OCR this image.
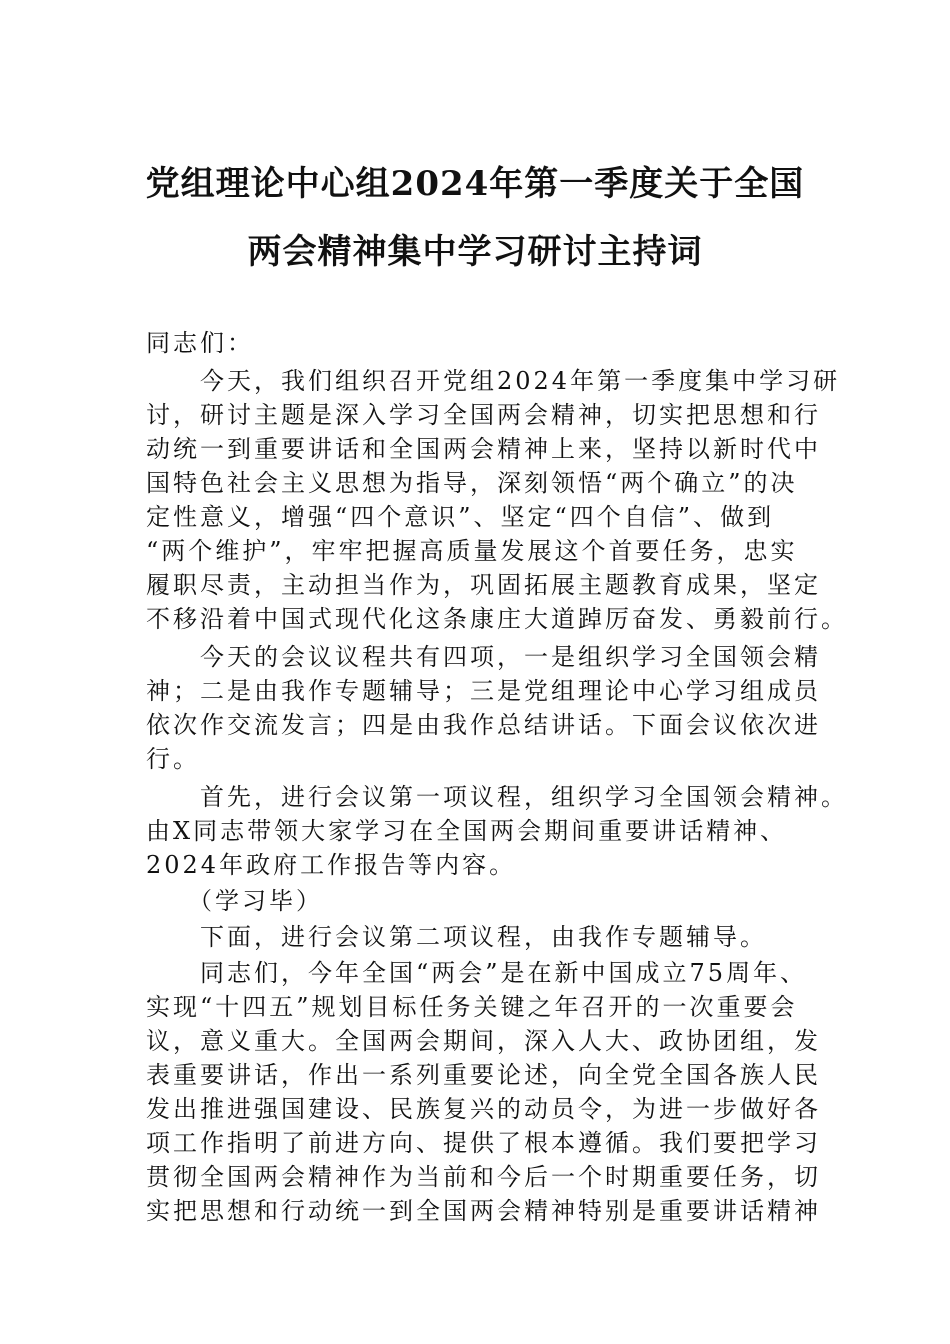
党组理论中心组2024年第一季度关于全国
两会精神集中学习研讨主持词

同志们：

　　今天，我们组织召开党组2024年第一季度集中学习研

讨，研讨主题是深入学习全国两会精神，切实把思想和行

动统一到重要讲话和全国两会精神上来，坚持以新时代中

国特色社会主义思想为指导，深刻领悟“两个确立”的决

定性意义，增强“四个意识”、坚定“四个自信”、做到

“两个维护”，牢牢把握高质量发展这个首要任务，忠实

履职尽责，主动担当作为，巩固拓展主题教育成果，坚定

不移沿着中国式现代化这条康庄大道踔厉奋发、勇毅前行。

　　今天的会议议程共有四项，一是组织学习全国领会精

神；二是由我作专题辅导；三是党组理论中心学习组成员

依次作交流发言；四是由我作总结讲话。下面会议依次进

行。

　　首先，进行会议第一项议程，组织学习全国领会精神。

由X同志带领大家学习在全国两会期间重要讲话精神、

2024年政府工作报告等内容。

　　（学习毕）

　　下面，进行会议第二项议程，由我作专题辅导。

　　同志们，今年全国“两会”是在新中国成立75周年、

实现“十四五”规划目标任务关键之年召开的一次重要会

议，意义重大。全国两会期间，深入人大、政协团组，发

表重要讲话，作出一系列重要论述，向全党全国各族人民

发出推进强国建设、民族复兴的动员令，为进一步做好各

项工作指明了前进方向、提供了根本遵循。我们要把学习

贯彻全国两会精神作为当前和今后一个时期重要任务，切

实把思想和行动统一到全国两会精神特别是重要讲话精神
